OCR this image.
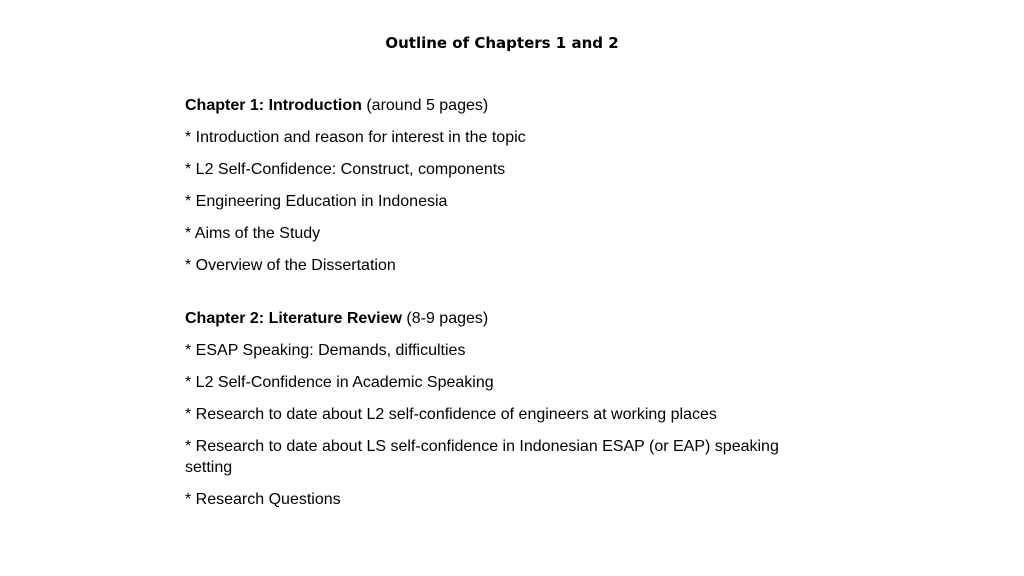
Outline of Chapters 1 and 2
Chapter 1: Introduction (around 5 pages)
* Introduction and reason for interest in the topic
* L2 Self-Confidence: Construct, components
* Engineering Education in Indonesia
* Aims of the Study
* Overview of the Dissertation
Chapter 2: Literature Review (8-9 pages)
* ESAP Speaking: Demands, difficulties
* L2 Self-Confidence in Academic Speaking
* Research to date about L2 self-confidence of engineers at working places
* Research to date about LS self-confidence in Indonesian ESAP (or EAP) speaking setting
* Research Questions
